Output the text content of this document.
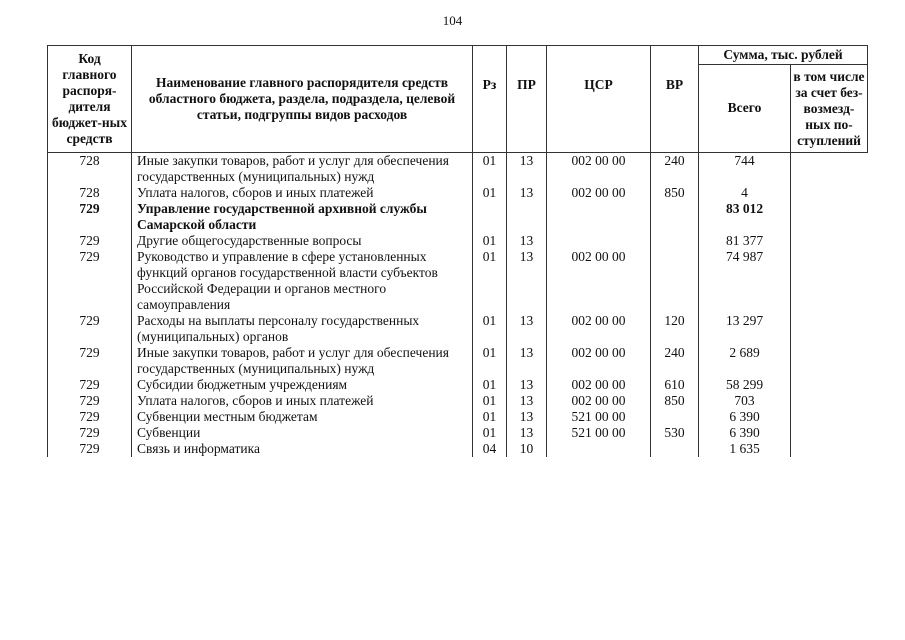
104
Код главного распоря-дителя бюджет-ных средств	Наименование главного распорядителя средств областного бюджета, раздела, подраздела, целевой статьи, подгруппы видов расходов	Рз	ПР	ЦСР	ВР	Сумма, тыс. рублей	
						Всего	в том числе за счет без-возмезд-ных по-ступлений
728	Иные закупки товаров, работ и услуг для обеспечения государственных (муниципальных) нужд	01	13	002 00 00	240	744	
728	Уплата налогов, сборов и иных платежей	01	13	002 00 00	850	4	
729	Управление государственной архивной службы Самарской области					83 012	
729	Другие общегосударственные вопросы	01	13			81 377	
729	Руководство и управление в сфере установленных функций органов государственной власти субъектов Российской Федерации и органов местного самоуправления	01	13	002 00 00		74 987	
729	Расходы на выплаты персоналу государственных (муниципальных) органов	01	13	002 00 00	120	13 297	
729	Иные закупки товаров, работ и услуг для обеспечения государственных (муниципальных) нужд	01	13	002 00 00	240	2 689	
729	Субсидии бюджетным учреждениям	01	13	002 00 00	610	58 299	
729	Уплата налогов, сборов и иных платежей	01	13	002 00 00	850	703	
729	Субвенции местным бюджетам	01	13	521 00 00		6 390	
729	Субвенции	01	13	521 00 00	530	6 390	
729	Связь и информатика	04	10			1 635	
